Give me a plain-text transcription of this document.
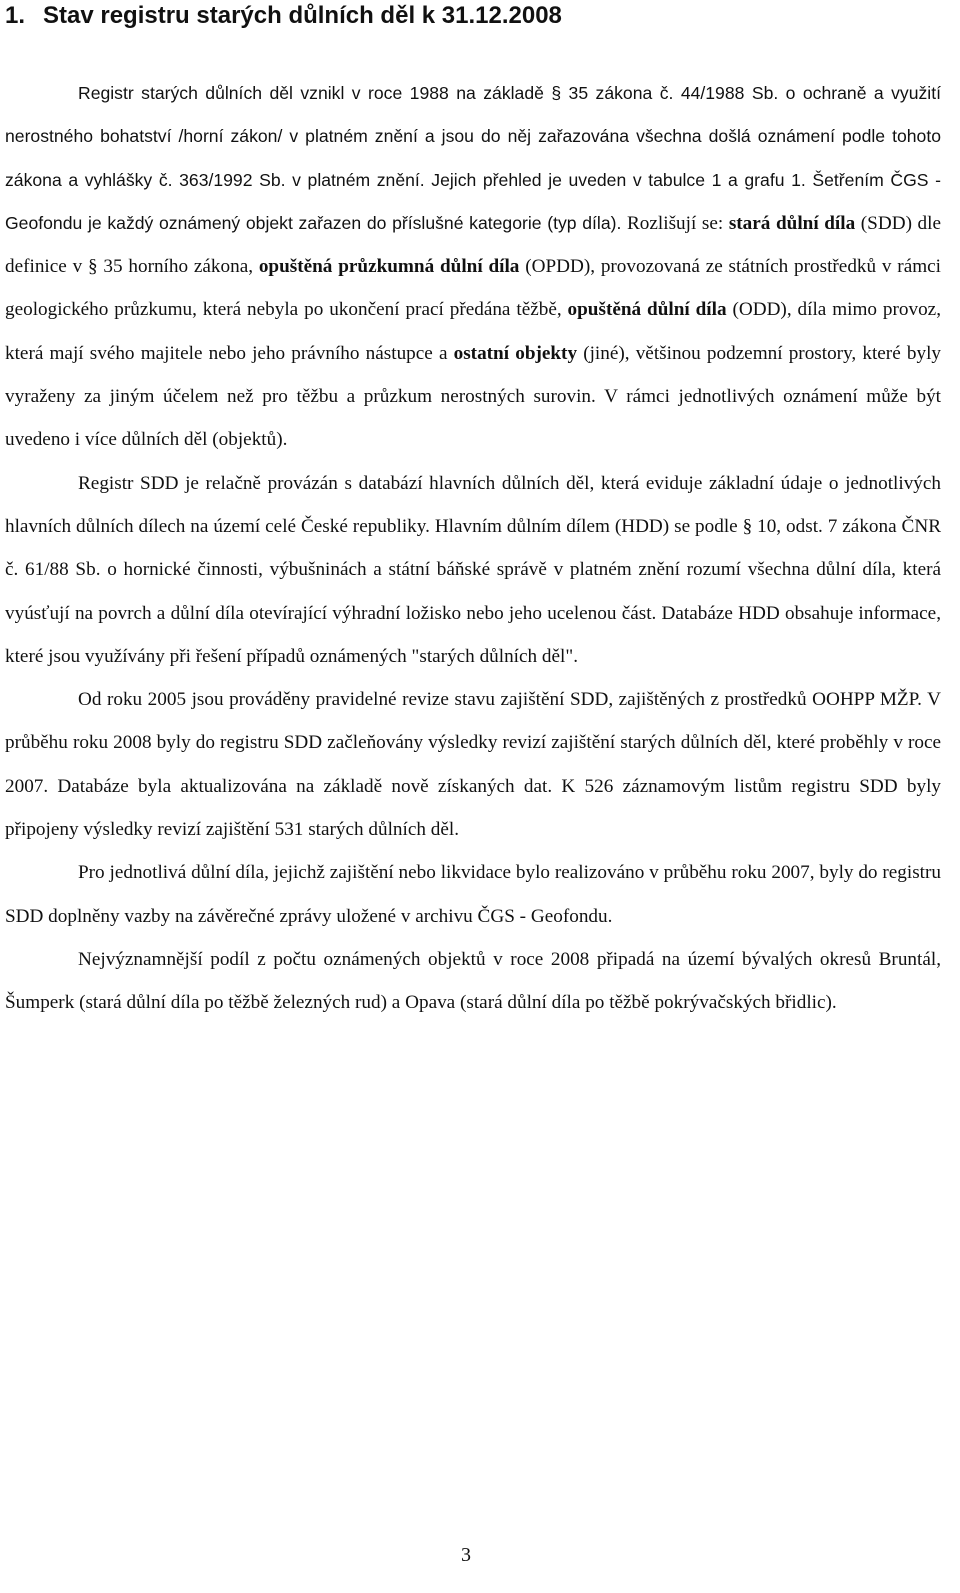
1. Stav registru starých důlních děl k 31.12.2008

Registr starých důlních děl vznikl v roce 1988 na základě § 35 zákona č. 44/1988 Sb. o ochraně a využití nerostného bohatství /horní zákon/ v platném znění a jsou do něj zařazována všechna došlá oznámení podle tohoto zákona a vyhlášky č. 363/1992 Sb. v platném znění. Jejich přehled je uveden v tabulce 1 a grafu 1. Šetřením ČGS - Geofondu je každý oznámený objekt zařazen do příslušné kategorie (typ díla). Rozlišují se: stará důlní díla (SDD) dle definice v § 35 horního zákona, opuštěná průzkumná důlní díla (OPDD), provozovaná ze státních prostředků v rámci geologického průzkumu, která nebyla po ukončení prací předána těžbě, opuštěná důlní díla (ODD), díla mimo provoz, která mají svého majitele nebo jeho právního nástupce a ostatní objekty (jiné), většinou podzemní prostory, které byly vyraženy za jiným účelem než pro těžbu a průzkum nerostných surovin. V rámci jednotlivých oznámení může být uvedeno i více důlních děl (objektů).

Registr SDD je relačně provázán s databází hlavních důlních děl, která eviduje základní údaje o jednotlivých hlavních důlních dílech na území celé České republiky. Hlavním důlním dílem (HDD) se podle § 10, odst. 7 zákona ČNR č. 61/88 Sb. o hornické činnosti, výbušninách a státní báňské správě v platném znění rozumí všechna důlní díla, která vyúsťují na povrch a důlní díla otevírající výhradní ložisko nebo jeho ucelenou část. Databáze HDD obsahuje informace, které jsou využívány při řešení případů oznámených "starých důlních děl".

Od roku 2005 jsou prováděny pravidelné revize stavu zajištění SDD, zajištěných z prostředků OOHPP MŽP. V průběhu roku 2008 byly do registru SDD začleňovány výsledky revizí zajištění starých důlních děl, které proběhly v roce 2007. Databáze byla aktualizována na základě nově získaných dat. K 526 záznamovým listům registru SDD byly připojeny výsledky revizí zajištění 531 starých důlních děl.

Pro jednotlivá důlní díla, jejichž zajištění nebo likvidace bylo realizováno v průběhu roku 2007, byly do registru SDD doplněny vazby na závěrečné zprávy uložené v archivu ČGS - Geofondu.

Nejvýznamnější podíl z počtu oznámených objektů v roce 2008 připadá na území bývalých okresů Bruntál, Šumperk (stará důlní díla po těžbě železných rud) a Opava (stará důlní díla po těžbě pokrývačských břidlic).

3
